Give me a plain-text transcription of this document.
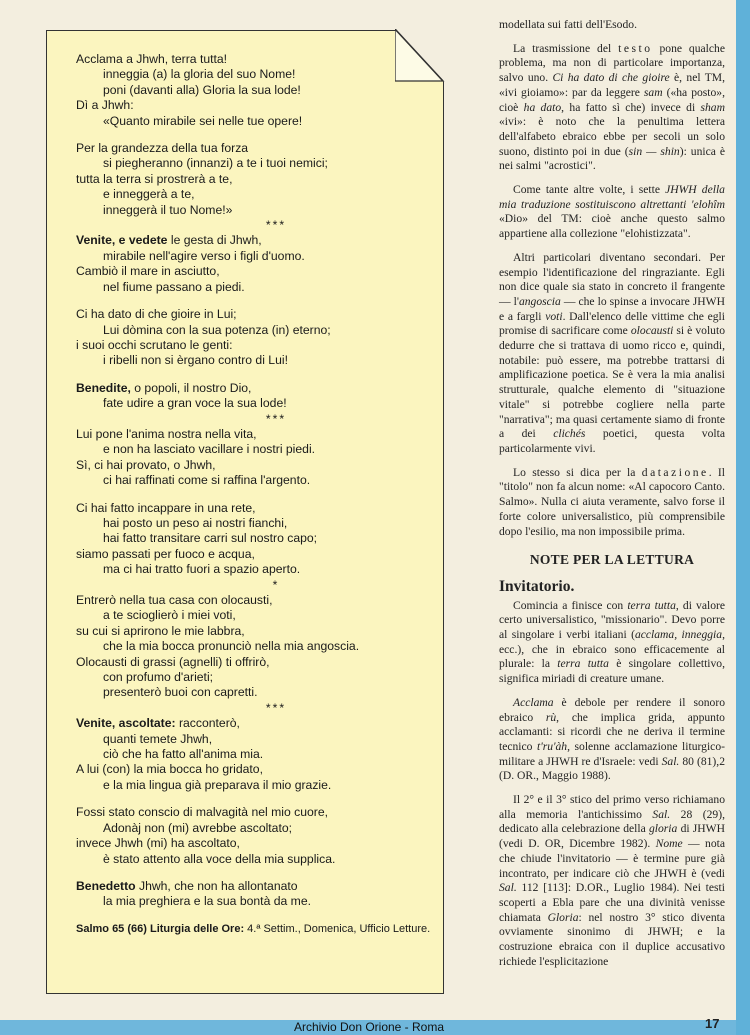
Acclama a Jhwh, terra tutta!
inneggia (a) la gloria del suo Nome!
poni (davanti alla) Gloria la sua lode!
Dì a Jhwh:
«Quanto mirabile sei nelle tue opere!
Per la grandezza della tua forza
si piegheranno (innanzi) a te i tuoi nemici;
tutta la terra si prostrerà a te,
e inneggerà a te,
inneggerà il tuo Nome!»
***
Venite, e vedete le gesta di Jhwh,
mirabile nell'agire verso i figli d'uomo.
Cambiò il mare in asciutto,
nel fiume passano a piedi.
Ci ha dato di che gioire in Lui;
Lui dòmina con la sua potenza (in) eterno;
i suoi occhi scrutano le genti:
i ribelli non si èrgano contro di Lui!
Benedite, o popoli, il nostro Dio,
fate udire a gran voce la sua lode!
***
Lui pone l'anima nostra nella vita,
e non ha lasciato vacillare i nostri piedi.
Sì, ci hai provato, o Jhwh,
ci hai raffinati come si raffina l'argento.
Ci hai fatto incappare in una rete,
hai posto un peso ai nostri fianchi,
hai fatto transitare carri sul nostro capo;
siamo passati per fuoco e acqua,
ma ci hai tratto fuori a spazio aperto.
*
Entrerò nella tua casa con olocausti,
a te scioglierò i miei voti,
su cui si aprirono le mie labbra,
che la mia bocca pronunciò nella mia angoscia.
Olocausti di grassi (agnelli) ti offrirò,
con profumo d'arieti;
presenterò buoi con capretti.
***
Venite, ascoltate: racconterò,
quanti temete Jhwh,
ciò che ha fatto all'anima mia.
A lui (con) la mia bocca ho gridato,
e la mia lingua già preparava il mio grazie.
Fossi stato conscio di malvagità nel mio cuore,
Adonàj non (mi) avrebbe ascoltato;
invece Jhwh (mi) ha ascoltato,
è stato attento alla voce della mia supplica.
Benedetto Jhwh, che non ha allontanato
la mia preghiera e la sua bontà da me.
Salmo 65 (66) Liturgia delle Ore: 4.ª Settim., Domenica, Ufficio Letture.

modellata sui fatti dell'Esodo.

La trasmissione del testo pone qualche problema, ma non di particolare importanza, salvo uno. Ci ha dato di che gioire è, nel TM, «ivi gioiamo»: par da leggere sam («ha posto», cioè ha dato, ha fatto sì che) invece di sham «ivi»: è noto che la penultima lettera dell'alfabeto ebraico ebbe per secoli un solo suono, distinto poi in due (sin — shin): unica è nei salmi "acrostici".

Come tante altre volte, i sette JHWH della mia traduzione sostituiscono altrettanti 'elohîm «Dio» del TM: cioè anche questo salmo appartiene alla collezione "elohistizzata".

Altri particolari diventano secondari. Per esempio l'identificazione del ringraziante. Egli non dice quale sia stato in concreto il frangente — l'angoscia — che lo spinse a invocare JHWH e a fargli voti. Dall'elenco delle vittime che egli promise di sacrificare come olocausti si è voluto dedurre che si trattava di uomo ricco e, quindi, notabile: può essere, ma potrebbe trattarsi di amplificazione poetica. Se è vera la mia analisi strutturale, qualche elemento di "situazione vitale" si potrebbe cogliere nella parte "narrativa"; ma quasi certamente siamo di fronte a dei clichés poetici, questa volta particolarmente vivi.

Lo stesso si dica per la datazione. Il "titolo" non fa alcun nome: «Al capocoro Canto. Salmo». Nulla ci aiuta veramente, salvo forse il forte colore universalistico, più comprensibile dopo l'esilio, ma non impossibile prima.

NOTE PER LA LETTURA
Invitatorio.

Comincia a finisce con terra tutta, di valore certo universalistico, "missionario". Devo porre al singolare i verbi italiani (acclama, inneggia, ecc.), che in ebraico sono efficacemente al plurale: la terra tutta è singolare collettivo, significa miriadi di creature umane.

Acclama è debole per rendere il sonoro ebraico rù, che implica grida, appunto acclamanti: si ricordi che ne deriva il termine tecnico t'ru'àh, solenne acclamazione liturgico-militare a JHWH re d'Israele: vedi Sal. 80 (81),2 (D. OR., Maggio 1988).

Il 2° e il 3° stico del primo verso richiamano alla memoria l'antichissimo Sal. 28 (29), dedicato alla celebrazione della gloria di JHWH (vedi D. OR, Dicembre 1982). Nome — nota che chiude l'invitatorio — è termine pure già incontrato, per indicare ciò che JHWH è (vedi Sal. 112 [113]: D.OR., Luglio 1984). Nei testi scoperti a Ebla pare che una divinità venisse chiamata Gloria: nel nostro 3° stico diventa ovviamente sinonimo di JHWH; e la costruzione ebraica con il duplice accusativo richiede l'esplicitazione

17
Archivio Don Orione - Roma
